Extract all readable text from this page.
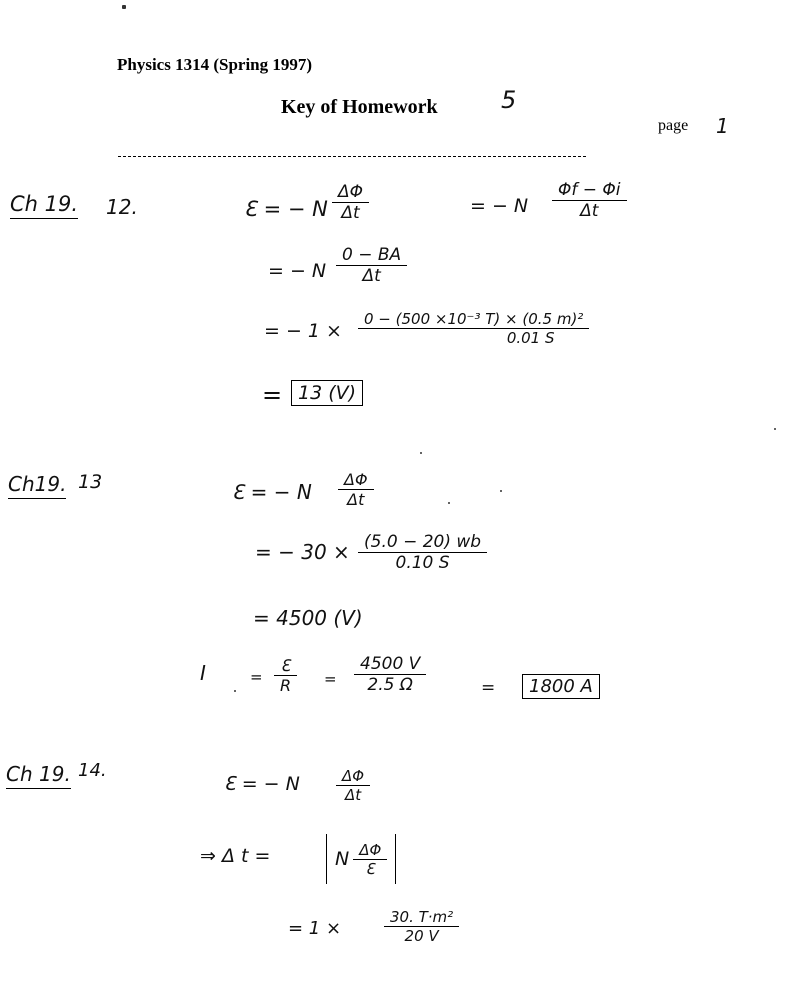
Physics 1314 (Spring 1997)
Key of Homework	5
page 1
Ch 19. 12.	ℇ = − N
ΔΦ
Δt	= − N
Φf − Φi
Δt
= − N
0 − BA
Δt
= − 1 ×
0 − (500 ×10⁻³ T) × (0.5 m)²
0.01 S
= 13 (V)
Ch19. 13	ℇ = − N
ΔΦ
Δt
= − 30 × (5.0 − 20) wb
0.10 S
= 4500 (V)
I	=
ℇ
R	=
4500 V
2.5 Ω	=	1800 A
Ch 19. 14.
ℇ = − N	ΔΦ
Δt
⇒ Δ t =	N $\frac{\Delta\Phi}{\text{ℇ}}$
= 1 ×
30. T·m²
20 V
